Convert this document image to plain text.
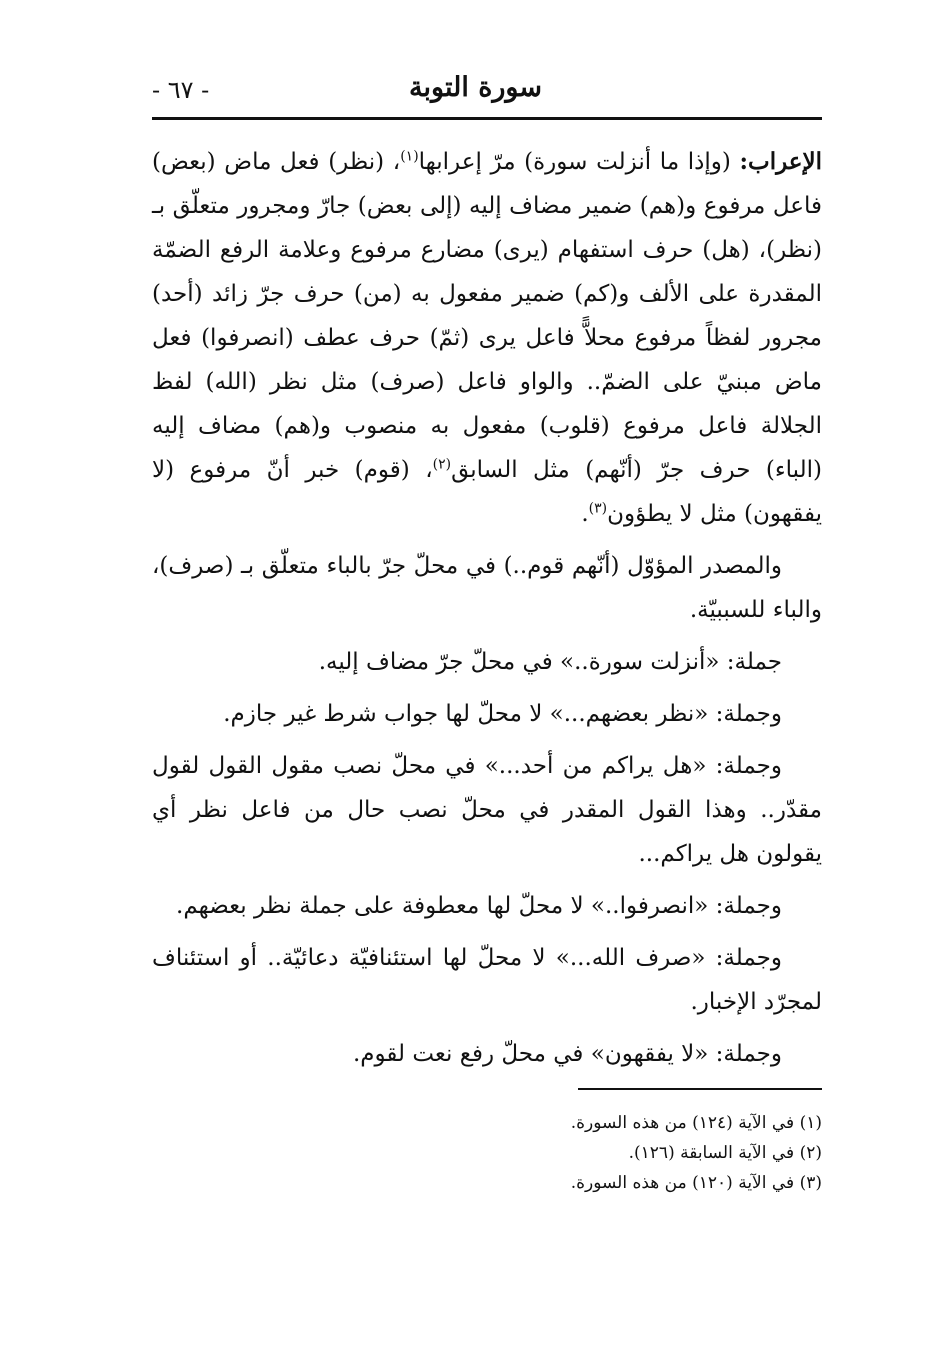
سورة التوبة
- ٦٧ -

الإعراب: (وإذا ما أنزلت سورة) مرّ إعرابها$^{(١)}$، (نظر) فعل ماض (بعض) فاعل مرفوع و(هم) ضمير مضاف إليه (إلى بعض) جارّ ومجرور متعلّق بـ (نظر)، (هل) حرف استفهام (يرى) مضارع مرفوع وعلامة الرفع الضمّة المقدرة على الألف و(كم) ضمير مفعول به (من) حرف جرّ زائد (أحد) مجرور لفظاً مرفوع محلاًّ فاعل يرى (ثمّ) حرف عطف (انصرفوا) فعل ماض مبنيّ على الضمّ.. والواو فاعل (صرف) مثل نظر (الله) لفظ الجلالة فاعل مرفوع (قلوب) مفعول به منصوب و(هم) مضاف إليه (الباء) حرف جرّ (أنّهم) مثل السابق$^{(٢)}$، (قوم) خبر أنّ مرفوع (لا يفقهون) مثل لا يطؤون$^{(٣)}$.

والمصدر المؤوّل (أنّهم قوم..) في محلّ جرّ بالباء متعلّق بـ (صرف)، والباء للسببيّة.

جملة: «أنزلت سورة..» في محلّ جرّ مضاف إليه.

وجملة: «نظر بعضهم...» لا محلّ لها جواب شرط غير جازم.

وجملة: «هل يراكم من أحد...» في محلّ نصب مقول القول لقول مقدّر.. وهذا القول المقدر في محلّ نصب حال من فاعل نظر أي يقولون هل يراكم...

وجملة: «انصرفوا..» لا محلّ لها معطوفة على جملة نظر بعضهم.

وجملة: «صرف الله...» لا محلّ لها استئنافيّة دعائيّة.. أو استئناف لمجرّد الإخبار.

وجملة: «لا يفقهون» في محلّ رفع نعت لقوم.

(١) في الآية (١٢٤) من هذه السورة.

(٢) في الآية السابقة (١٢٦).

(٣) في الآية (١٢٠) من هذه السورة.
